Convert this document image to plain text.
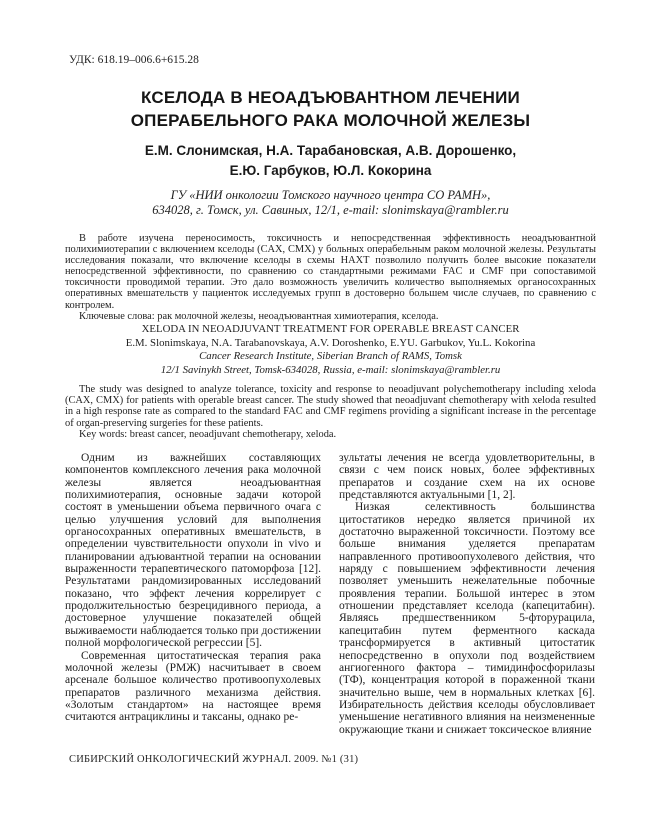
УДК: 618.19–006.6+615.28
КСЕЛОДА В НЕОАДЪЮВАНТНОМ ЛЕЧЕНИИ
ОПЕРАБЕЛЬНОГО РАКА МОЛОЧНОЙ ЖЕЛЕЗЫ
Е.М. Слонимская, Н.А. Тарабановская, А.В. Дорошенко,
Е.Ю. Гарбуков, Ю.Л. Кокорина
ГУ «НИИ онкологии Томского научного центра СО РАМН»,
634028, г. Томск, ул. Савиных, 12/1, e-mail: slonimskaya@rambler.ru

В работе изучена переносимость, токсичность и непосредственная эффективность неоадъювантной полихимиотерапии с включением кселоды (CAX, CMX) у больных операбельным раком молочной железы. Результаты исследования показали, что включение кселоды в схемы НАХТ позволило получить более высокие показатели непосредственной эффективности, по сравнению со стандартными режимами FAC и CMF при сопоставимой токсичности проводимой терапии. Это дало возможность увеличить количество выполняемых органосохранных оперативных вмешательств у пациенток исследуемых групп в достоверно большем числе случаев, по сравнению с контролем.

Ключевые слова: рак молочной железы, неоадъювантная химиотерапия, кселода.

XELODA IN NEOADJUVANT TREATMENT FOR OPERABLE BREAST CANCER
E.M. Slonimskaya, N.A. Tarabanovskaya, A.V. Doroshenko, E.YU. Garbukov, Yu.L. Kokorina
Cancer Research Institute, Siberian Branch of RAMS, Tomsk
12/1 Savinykh Street, Tomsk-634028, Russia, e-mail: slonimskaya@rambler.ru

The study was designed to analyze tolerance, toxicity and response to neoadjuvant polychemotherapy including xeloda (CAX, CMX) for patients with operable breast cancer. The study showed that neoadjuvant chemotherapy with xeloda resulted in a high response rate as compared to the standard FAC and CMF regimens providing a significant increase in the percentage of organ-preserving surgeries for these patients.

Key words: breast cancer, neoadjuvant chemotherapy, xeloda.

Одним из важнейших составляющих компонентов комплексного лечения рака молочной железы является неоадъювантная полихимиотерапия, основные задачи которой состоят в уменьшении объема первичного очага с целью улучшения условий для выполнения органосохранных оперативных вмешательств, в определении чувствительности опухоли in vivo и планировании адъювантной терапии на основании выраженности терапевтического патоморфоза [12]. Результатами рандомизированных исследований показано, что эффект лечения коррелирует с продолжительностью безрецидивного периода, а достоверное улучшение показателей общей выживаемости наблюдается только при достижении полной морфологической регрессии [5].

Современная цитостатическая терапия рака молочной железы (РМЖ) насчитывает в своем арсенале большое количество противоопухолевых препаратов различного механизма действия. «Золотым стандартом» на настоящее время считаются антрациклины и таксаны, однако ре-

зультаты лечения не всегда удовлетворительны, в связи с чем поиск новых, более эффективных препаратов и создание схем на их основе представляются актуальными [1, 2].

Низкая селективность большинства цитостатиков нередко является причиной их достаточно выраженной токсичности. Поэтому все больше внимания уделяется препаратам направленного противоопухолевого действия, что наряду с повышением эффективности лечения позволяет уменьшить нежелательные побочные проявления терапии. Большой интерес в этом отношении представляет кселода (капецитабин). Являясь предшественником 5-фторурацила, капецитабин путем ферментного каскада трансформируется в активный цитостатик непосредственно в опухоли под воздействием ангиогенного фактора – тимидинфосфорилазы (ТФ), концентрация которой в пораженной ткани значительно выше, чем в нормальных клетках [6]. Избирательность действия кселоды обусловливает уменьшение негативного влияния на неизмененные окружающие ткани и снижает токсическое влияние

СИБИРСКИЙ ОНКОЛОГИЧЕСКИЙ ЖУРНАЛ. 2009. №1 (31)
